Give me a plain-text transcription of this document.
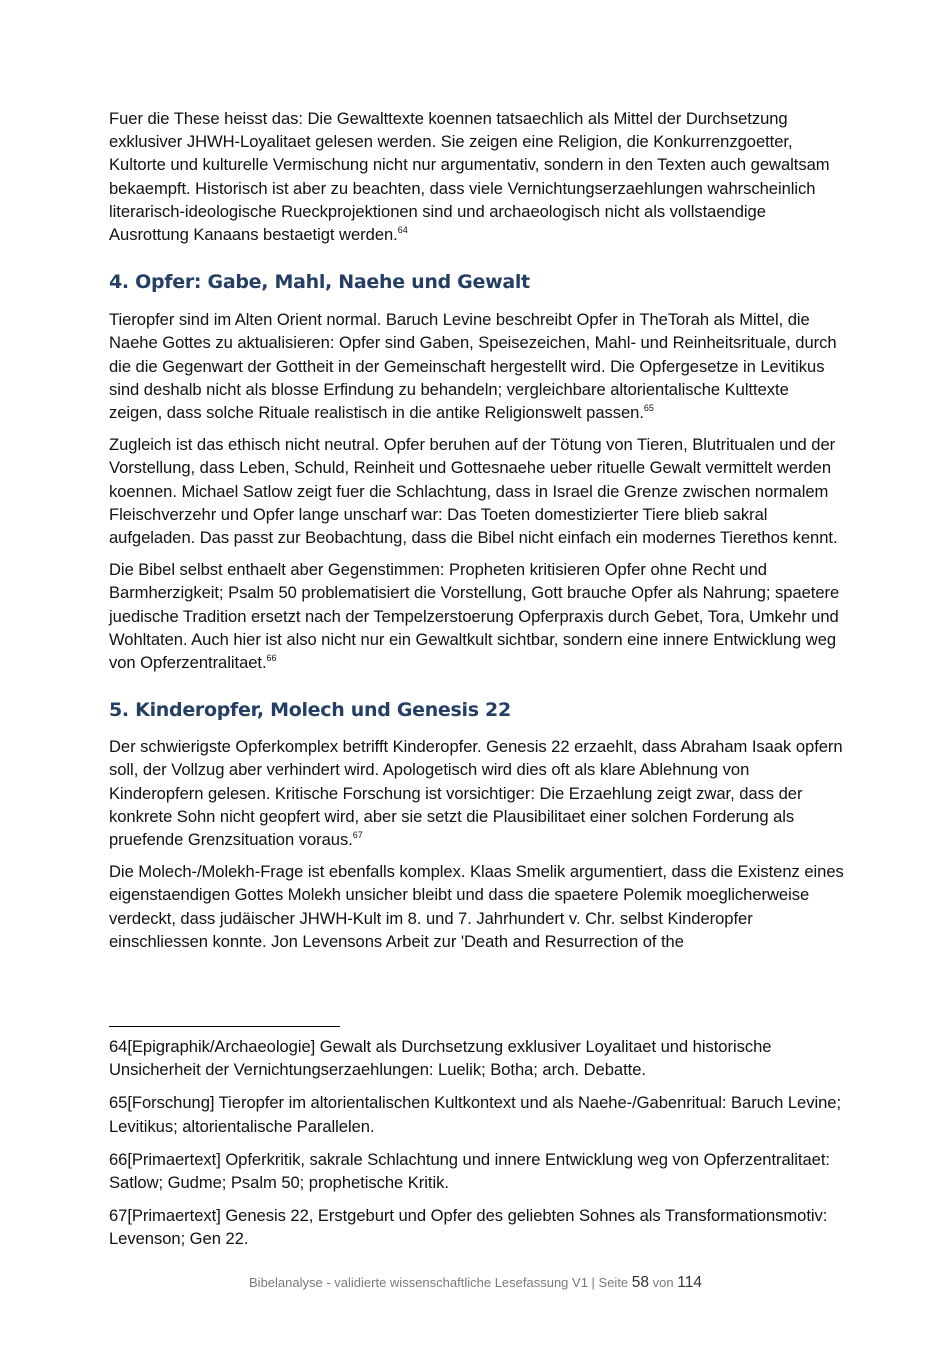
Fuer die These heisst das: Die Gewalttexte koennen tatsaechlich als Mittel der Durchsetzung exklusiver JHWH-Loyalitaet gelesen werden. Sie zeigen eine Religion, die Konkurrenzgoetter, Kultorte und kulturelle Vermischung nicht nur argumentativ, sondern in den Texten auch gewaltsam bekaempft. Historisch ist aber zu beachten, dass viele Vernichtungserzaehlungen wahrscheinlich literarisch-ideologische Rueckprojektionen sind und archaeologisch nicht als vollstaendige Ausrottung Kanaans bestaetigt werden.$^{64}$

4. Opfer: Gabe, Mahl, Naehe und Gewalt

Tieropfer sind im Alten Orient normal. Baruch Levine beschreibt Opfer in TheTorah als Mittel, die Naehe Gottes zu aktualisieren: Opfer sind Gaben, Speisezeichen, Mahl- und Reinheitsrituale, durch die die Gegenwart der Gottheit in der Gemeinschaft hergestellt wird. Die Opfergesetze in Levitikus sind deshalb nicht als blosse Erfindung zu behandeln; vergleichbare altorientalische Kulttexte zeigen, dass solche Rituale realistisch in die antike Religionswelt passen.$^{65}$

Zugleich ist das ethisch nicht neutral. Opfer beruhen auf der Tötung von Tieren, Blutritualen und der Vorstellung, dass Leben, Schuld, Reinheit und Gottesnaehe ueber rituelle Gewalt vermittelt werden koennen. Michael Satlow zeigt fuer die Schlachtung, dass in Israel die Grenze zwischen normalem Fleischverzehr und Opfer lange unscharf war: Das Toeten domestizierter Tiere blieb sakral aufgeladen. Das passt zur Beobachtung, dass die Bibel nicht einfach ein modernes Tierethos kennt.

Die Bibel selbst enthaelt aber Gegenstimmen: Propheten kritisieren Opfer ohne Recht und Barmherzigkeit; Psalm 50 problematisiert die Vorstellung, Gott brauche Opfer als Nahrung; spaetere juedische Tradition ersetzt nach der Tempelzerstoerung Opferpraxis durch Gebet, Tora, Umkehr und Wohltaten. Auch hier ist also nicht nur ein Gewaltkult sichtbar, sondern eine innere Entwicklung weg von Opferzentralitaet.$^{66}$

5. Kinderopfer, Molech und Genesis 22

Der schwierigste Opferkomplex betrifft Kinderopfer. Genesis 22 erzaehlt, dass Abraham Isaak opfern soll, der Vollzug aber verhindert wird. Apologetisch wird dies oft als klare Ablehnung von Kinderopfern gelesen. Kritische Forschung ist vorsichtiger: Die Erzaehlung zeigt zwar, dass der konkrete Sohn nicht geopfert wird, aber sie setzt die Plausibilitaet einer solchen Forderung als pruefende Grenzsituation voraus.$^{67}$

Die Molech-/Molekh-Frage ist ebenfalls komplex. Klaas Smelik argumentiert, dass die Existenz eines eigenstaendigen Gottes Molekh unsicher bleibt und dass die spaetere Polemik moeglicherweise verdeckt, dass judäischer JHWH-Kult im 8. und 7. Jahrhundert v. Chr. selbst Kinderopfer einschliessen konnte. Jon Levensons Arbeit zur 'Death and Resurrection of the

64[Epigraphik/Archaeologie] Gewalt als Durchsetzung exklusiver Loyalitaet und historische Unsicherheit der Vernichtungserzaehlungen: Luelik; Botha; arch. Debatte.

65[Forschung] Tieropfer im altorientalischen Kultkontext und als Naehe-/Gabenritual: Baruch Levine; Levitikus; altorientalische Parallelen.

66[Primaertext] Opferkritik, sakrale Schlachtung und innere Entwicklung weg von Opferzentralitaet: Satlow; Gudme; Psalm 50; prophetische Kritik.

67[Primaertext] Genesis 22, Erstgeburt und Opfer des geliebten Sohnes als Transformationsmotiv: Levenson; Gen 22.

Bibelanalyse - validierte wissenschaftliche Lesefassung V1 | Seite 58 von 114
